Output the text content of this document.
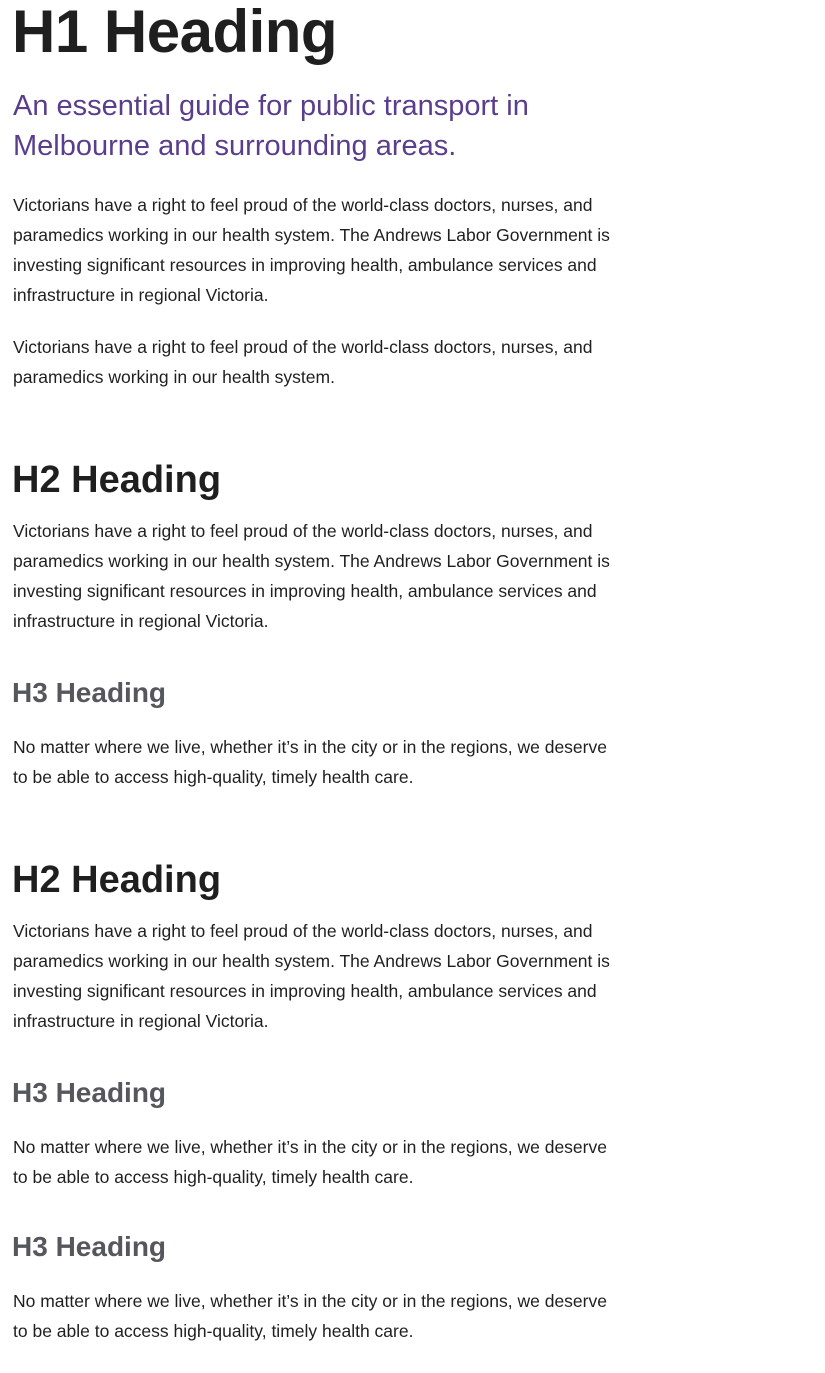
H1 Heading
An essential guide for public transport in Melbourne and surrounding areas.

Victorians have a right to feel proud of the world-class doctors, nurses, and paramedics working in our health system. The Andrews Labor Government is investing significant resources in improving health, ambulance services and infrastructure in regional Victoria.

Victorians have a right to feel proud of the world-class doctors, nurses, and paramedics working in our health system.

H2 Heading

Victorians have a right to feel proud of the world-class doctors, nurses, and paramedics working in our health system. The Andrews Labor Government is investing significant resources in improving health, ambulance services and infrastructure in regional Victoria.

H3 Heading

No matter where we live, whether it’s in the city or in the regions, we deserve to be able to access high-quality, timely health care.

H2 Heading

Victorians have a right to feel proud of the world-class doctors, nurses, and paramedics working in our health system. The Andrews Labor Government is investing significant resources in improving health, ambulance services and infrastructure in regional Victoria.

H3 Heading

No matter where we live, whether it’s in the city or in the regions, we deserve to be able to access high-quality, timely health care.

H3 Heading

No matter where we live, whether it’s in the city or in the regions, we deserve to be able to access high-quality, timely health care.
